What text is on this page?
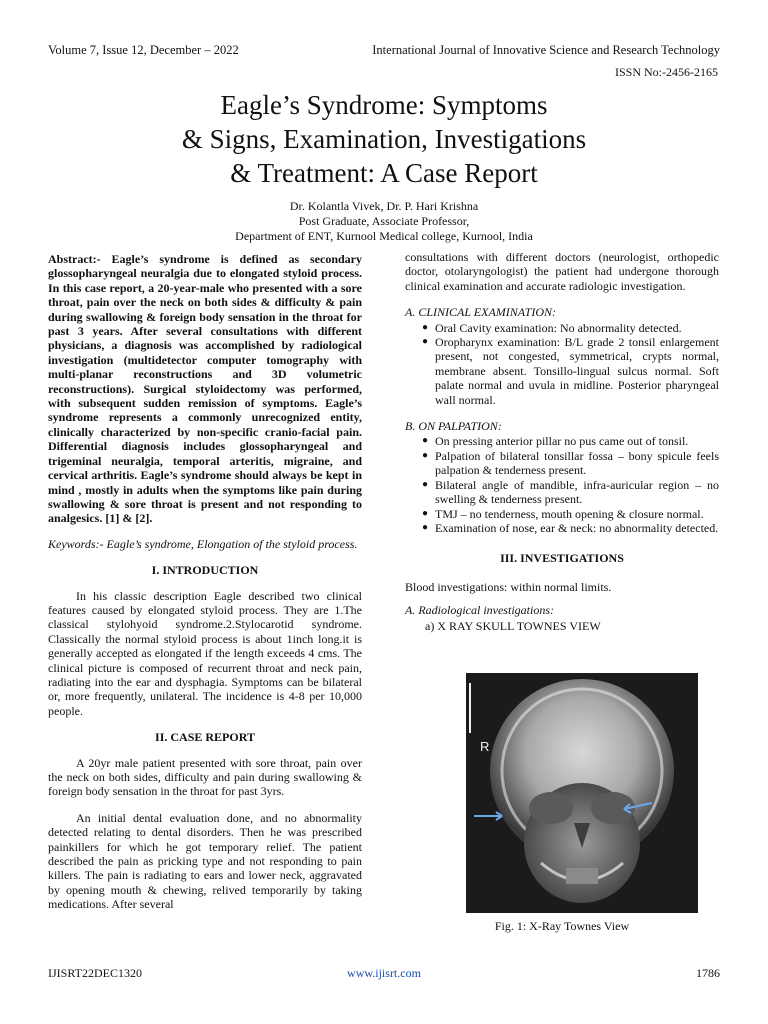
Volume 7, Issue 12, December – 2022	International Journal of Innovative Science and Research Technology
ISSN No:-2456-2165
Eagle’s Syndrome: Symptoms
& Signs, Examination, Investigations
& Treatment: A Case Report
Dr. Kolantla Vivek, Dr. P. Hari Krishna
Post Graduate, Associate Professor,
Department of ENT, Kurnool Medical college, Kurnool, India

Abstract:- Eagle’s syndrome is defined as secondary glossopharyngeal neuralgia due to elongated styloid process. In this case report, a 20-year-male who presented with a sore throat, pain over the neck on both sides & difficulty & pain during swallowing & foreign body sensation in the throat for past 3 years. After several consultations with different physicians, a diagnosis was accomplished by radiological investigation (multidetector computer tomography with multi-planar reconstructions and 3D volumetric reconstructions). Surgical styloidectomy was performed, with subsequent sudden remission of symptoms. Eagle’s syndrome represents a commonly unrecognized entity, clinically characterized by non-specific cranio-facial pain. Differential diagnosis includes glossopharyngeal and trigeminal neuralgia, temporal arteritis, migraine, and cervical arthritis. Eagle’s syndrome should always be kept in mind , mostly in adults when the symptoms like pain during swallowing & sore throat is present and not responding to analgesics. [1] & [2].

Keywords:- Eagle’s syndrome, Elongation of the styloid process.

I. INTRODUCTION

In his classic description Eagle described two clinical features caused by elongated styloid process. They are 1.The classical stylohyoid syndrome.2.Stylocarotid syndrome. Classically the normal styloid process is about 1inch long.it is generally accepted as elongated if the length exceeds 4 cms. The clinical picture is composed of recurrent throat and neck pain, radiating into the ear and dysphagia. Symptoms can be bilateral or, more frequently, unilateral. The incidence is 4-8 per 10,000 people.

II. CASE REPORT

A 20yr male patient presented with sore throat, pain over the neck on both sides, difficulty and pain during swallowing & foreign body sensation in the throat for past 3yrs.

An initial dental evaluation done, and no abnormality detected relating to dental disorders. Then he was prescribed painkillers for which he got temporary relief. The patient described the pain as pricking type and not responding to pain killers. The pain is radiating to ears and lower neck, aggravated by opening mouth & chewing, relived temporarily by taking medications. After several

consultations with different doctors (neurologist, orthopedic doctor, otolaryngologist) the patient had undergone thorough clinical examination and accurate radiologic investigation.

A. CLINICAL EXAMINATION:
● Oral Cavity examination: No abnormality detected.
● Oropharynx examination: B/L grade 2 tonsil enlargement present, not congested, symmetrical, crypts normal, membrane absent. Tonsillo-lingual sulcus normal. Soft palate normal and uvula in midline. Posterior pharyngeal wall normal.
B. ON PALPATION:
● On pressing anterior pillar no pus came out of tonsil.
● Palpation of bilateral tonsillar fossa – bony spicule feels palpation & tenderness present.
● Bilateral angle of mandible, infra-auricular region – no swelling & tenderness present.
● TMJ – no tenderness, mouth opening & closure normal.
● Examination of nose, ear & neck: no abnormality detected.
III. INVESTIGATIONS

Blood investigations: within normal limits.

A. Radiological investigations:
a) X RAY SKULL TOWNES VIEW
R
Fig. 1: X-Ray Townes View
IJISRT22DEC1320	www.ijisrt.com	1786
